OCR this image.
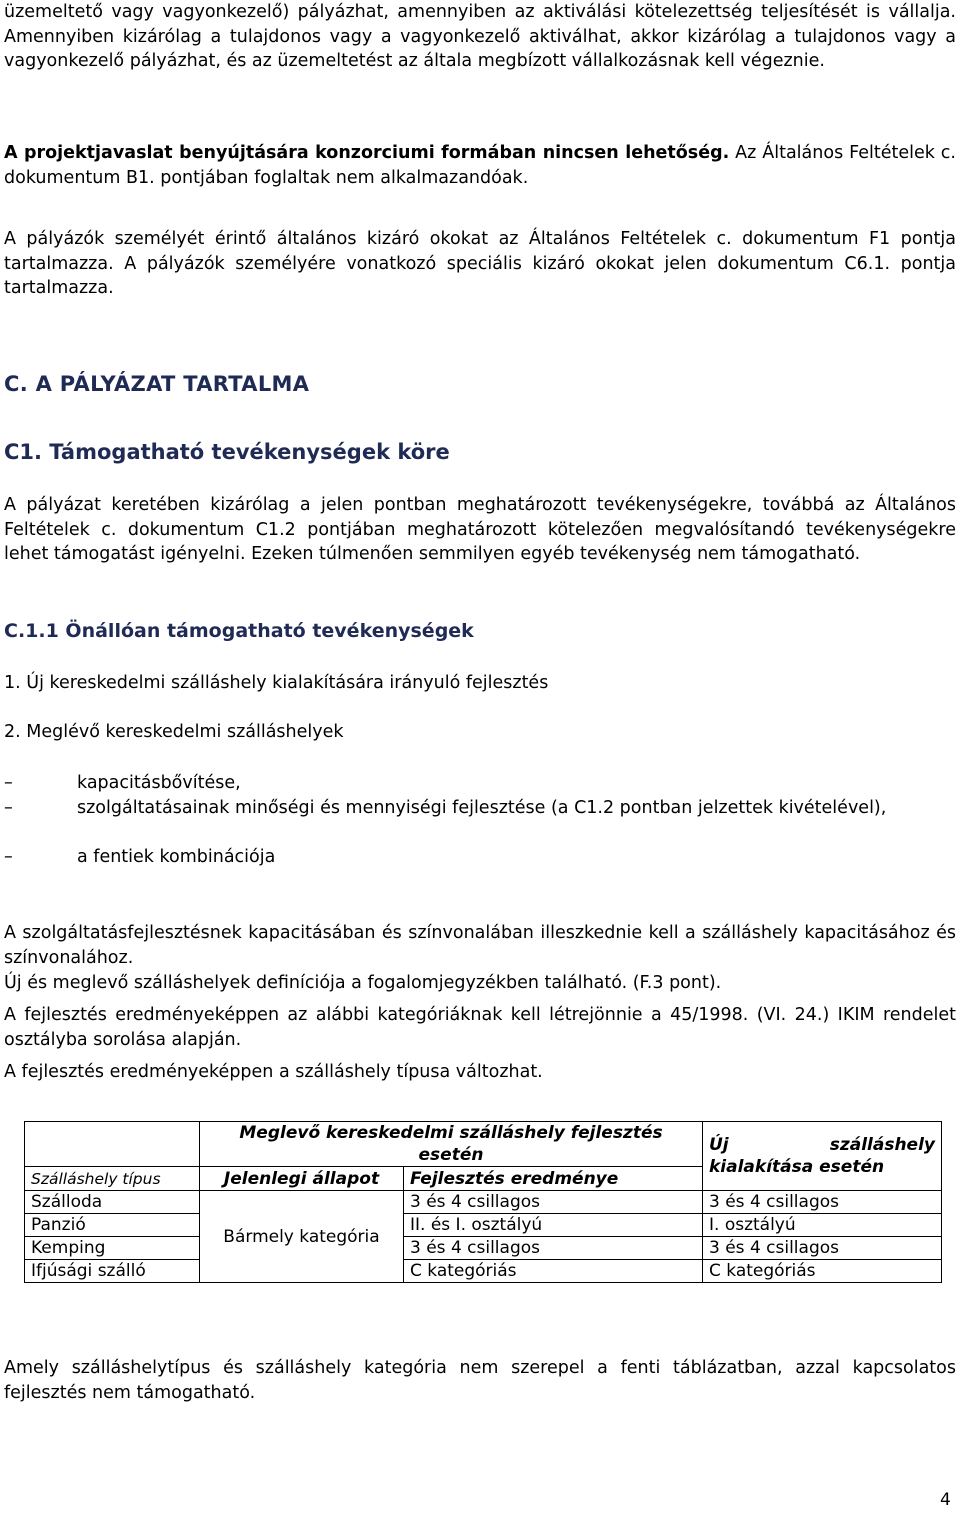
üzemeltető vagy vagyonkezelő) pályázhat, amennyiben az aktiválási kötelezettség teljesítését is vállalja. Amennyiben kizárólag a tulajdonos vagy a vagyonkezelő aktiválhat, akkor kizárólag a tulajdonos vagy a vagyonkezelő pályázhat, és az üzemeltetést az általa megbízott vállalkozásnak kell végeznie.

A projektjavaslat benyújtására konzorciumi formában nincsen lehetőség. Az Általános Feltételek c. dokumentum B1. pontjában foglaltak nem alkalmazandóak.

A pályázók személyét érintő általános kizáró okokat az Általános Feltételek c. dokumentum F1 pontja tartalmazza. A pályázók személyére vonatkozó speciális kizáró okokat jelen dokumentum C6.1. pontja tartalmazza.

C. A PÁLYÁZAT TARTALMA
C1. Támogatható tevékenységek köre

A pályázat keretében kizárólag a jelen pontban meghatározott tevékenységekre, továbbá az Általános Feltételek c. dokumentum C1.2 pontjában meghatározott kötelezően megvalósítandó tevékenységekre lehet támogatást igényelni. Ezeken túlmenően semmilyen egyéb tevékenység nem támogatható.

C.1.1 Önállóan támogatható tevékenységek

1. Új kereskedelmi szálláshely kialakítására irányuló fejlesztés

2. Meglévő kereskedelmi szálláshelyek

–	kapacitásbővítése,
–	szolgáltatásainak minőségi és mennyiségi fejlesztése (a C1.2 pontban jelzettek kivételével),
–	a fentiek kombinációja

A szolgáltatásfejlesztésnek kapacitásában és színvonalában illeszkednie kell a szálláshely kapacitásához és színvonalához.

Új és meglevő szálláshelyek definíciója a fogalomjegyzékben található. (F.3 pont).

A fejlesztés eredményeképpen az alábbi kategóriáknak kell létrejönnie a 45/1998. (VI. 24.) IKIM rendelet osztályba sorolása alapján.

A fejlesztés eredményeképpen a szálláshely típusa változhat.

	Meglevő kereskedelmi szálláshely fejlesztés esetén		Új szálláshely kialakítása esetén
Szálláshely típus	Jelenlegi állapot	Fejlesztés eredménye	
Szálloda	Bármely kategória	3 és 4 csillagos	3 és 4 csillagos
Panzió		II. és I. osztályú	I. osztályú
Kemping		3 és 4 csillagos	3 és 4 csillagos
Ifjúsági szálló		C kategóriás	C kategóriás

Amely szálláshelytípus és szálláshely kategória nem szerepel a fenti táblázatban, azzal kapcsolatos fejlesztés nem támogatható.

4
